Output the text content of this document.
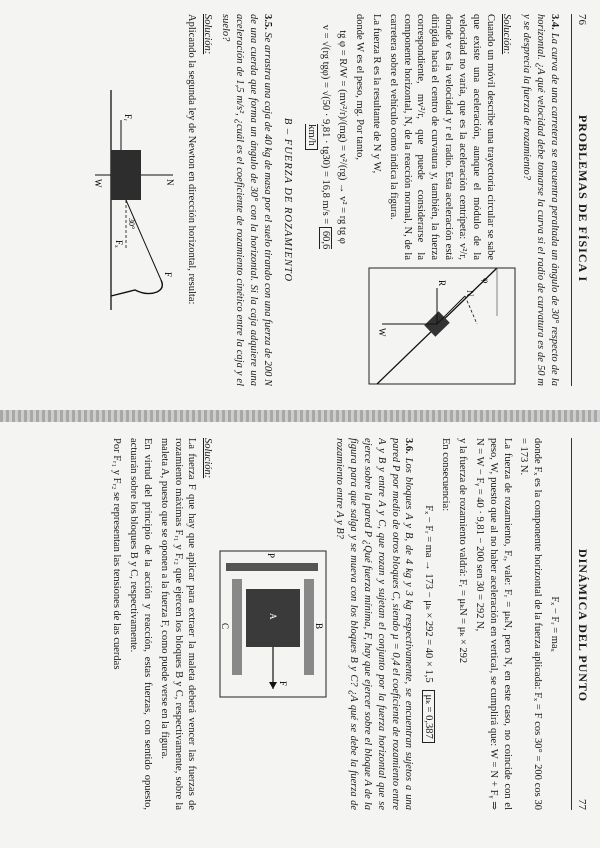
76
PROBLEMAS DE FÍSICA I

3.4. La curva de una carretera se encuentra peraltada un ángulo de 30° respecto de la horizontal. ¿A qué velocidad debe tomarse la curva si el radio de curvatura es de 50 m y se desprecia la fuerza de rozamiento?

Solución:

Cuando un móvil describe una trayectoria circular se sabe que existe una aceleración, aunque el módulo de la velocidad no varía, que es la aceleración centrípeta: v²/r, donde v es la velocidad y r el radio. Esta aceleración está dirigida hacia el centro de curvatura y, también, la fuerza correspondiente, mv²/r, que puede considerarse la componente horizontal, N, de la reacción normal, N, de la carretera sobre el vehículo como indica la figura.

La fuerza R es la resultante de N y W,

donde W es el peso, mg. Por tanto,

tg φ = R/W = (mv²/r)/(mg) = v²/(rg) → v² = rg tg φ
v = √(rg tgφ) = √(50 · 9,81 · tg30) = 16,8 m/s = 60,6 km/h
N
R
W
φ
B – FUERZA DE ROZAMIENTO

3.5. Se arrastra una caja de 40 kg de masa por el suelo tirando con una fuerza de 200 N de una cuerda que forma un ángulo de 30° con la horizontal. Si la caja adquiere una aceleración de 1,5 m/s², ¿cuál es el coeficiente de rozamiento cinético entre la caja y el suelo?

Solución:

Aplicando la segunda ley de Newton en dirección horizontal, resulta:

N
W
F
Fₓ
Fᵣ
30°
DINÁMICA DEL PUNTO
77
Fₓ − Fᵣ = maₓ

donde Fₓ es la componente horizontal de la fuerza aplicada: Fₓ = F cos 30° = 200 cos 30 = 173 N.

La fuerza de rozamiento, Fᵣ, vale: Fᵣ = μₖN, pero N, en este caso, no coincide con el peso, W, puesto que al no haber aceleración en vertical, se cumplirá que: W = N + Fᵧ ⇒ N = W − Fᵧ = 40 · 9,81 − 200 sen 30 = 292 N,

y la fuerza de rozamiento valdrá: Fᵣ = μₖN = μₖ × 292

En consecuencia:

Fₓ − Fᵣ = ma → 173 − μₖ × 292 = 40 × 1,5   μₖ = 0,387

3.6. Los bloques A y B, de 4 kg y 3 kg respectivamente, se encuentran sujetos a una pared P por medio de otros bloques C, siendo µ = 0,4 el coeficiente de rozamiento entre A y B y entre A y C, que rozan y sujetan el conjunto por la fuerza horizontal que se ejerce sobre la pared P ¿Qué fuerza mínima, F, hay que ejercer sobre el bloque A de la figura para que salga y se mueva con los bloques B y C? ¿A qué se debe la fuerza de rozamiento entre A y B?

P
B
A
C
F
Solución:

La fuerza F que hay que aplicar para extraer la maleta deberá vencer las fuerzas de rozamiento máximas Fᵣ₁ y Fᵣ₂ que ejercen los bloques B y C, respectivamente, sobre la maleta A, puesto que se oponen a la fuerza F, como puede verse en la figura.

En virtud del principio de la acción y reacción, estas fuerzas, con sentido opuesto, actuarán sobre los bloques B y C, respectivamente.

Por Fᵣ₁ y Fᵣ₂ se representan las tensiones de las cuerdas
